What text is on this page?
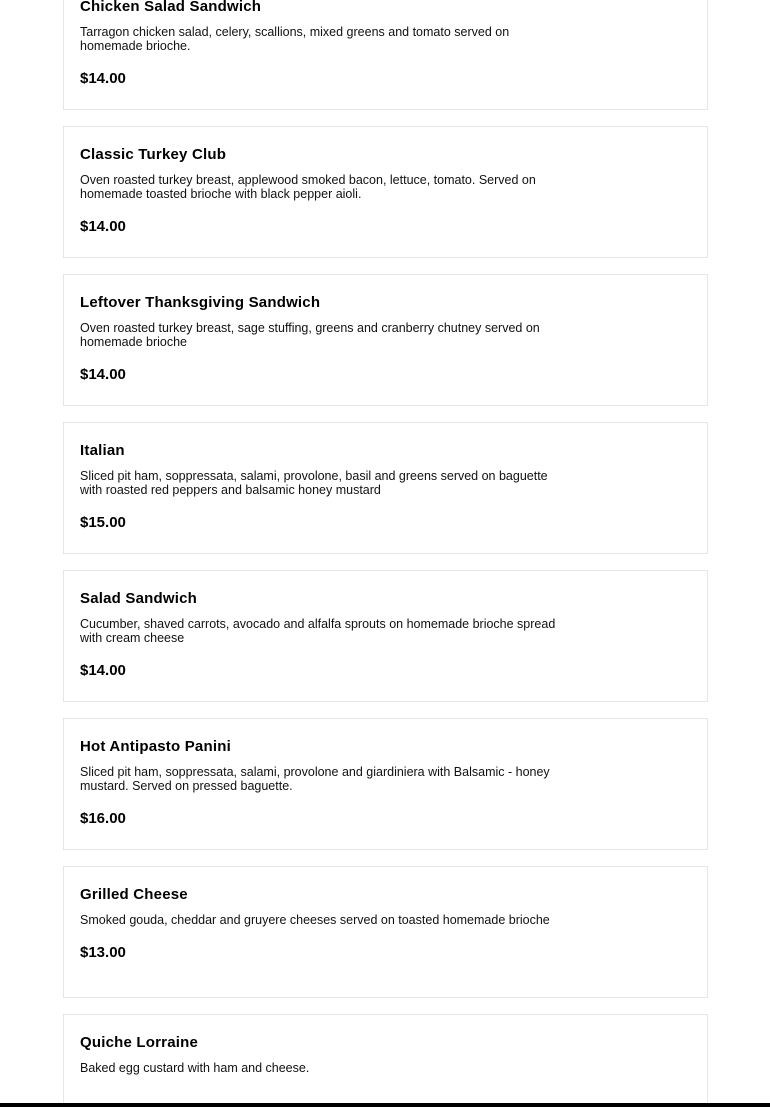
Chicken Salad Sandwich
Tarragon chicken salad, celery, scallions, mixed greens and tomato served on homemade brioche.
$14.00
Classic Turkey Club
Oven roasted turkey breast, applewood smoked bacon, lettuce, tomato. Served on homemade toasted brioche with black pepper aioli.
$14.00
Leftover Thanksgiving Sandwich
Oven roasted turkey breast, sage stuffing, greens and cranberry chutney served on homemade brioche
$14.00
Italian
Sliced pit ham, soppressata, salami, provolone, basil and greens served on baguette with roasted red peppers and balsamic honey mustard
$15.00
Salad Sandwich
Cucumber, shaved carrots, avocado and alfalfa sprouts on homemade brioche spread with cream cheese
$14.00
Hot Antipasto Panini
Sliced pit ham, soppressata, salami, provolone and giardiniera with Balsamic - honey mustard. Served on pressed baguette.
$16.00
Grilled Cheese
Smoked gouda, cheddar and gruyere cheeses served on toasted homemade brioche
$13.00
Quiche Lorraine
Baked egg custard with ham and cheese.
